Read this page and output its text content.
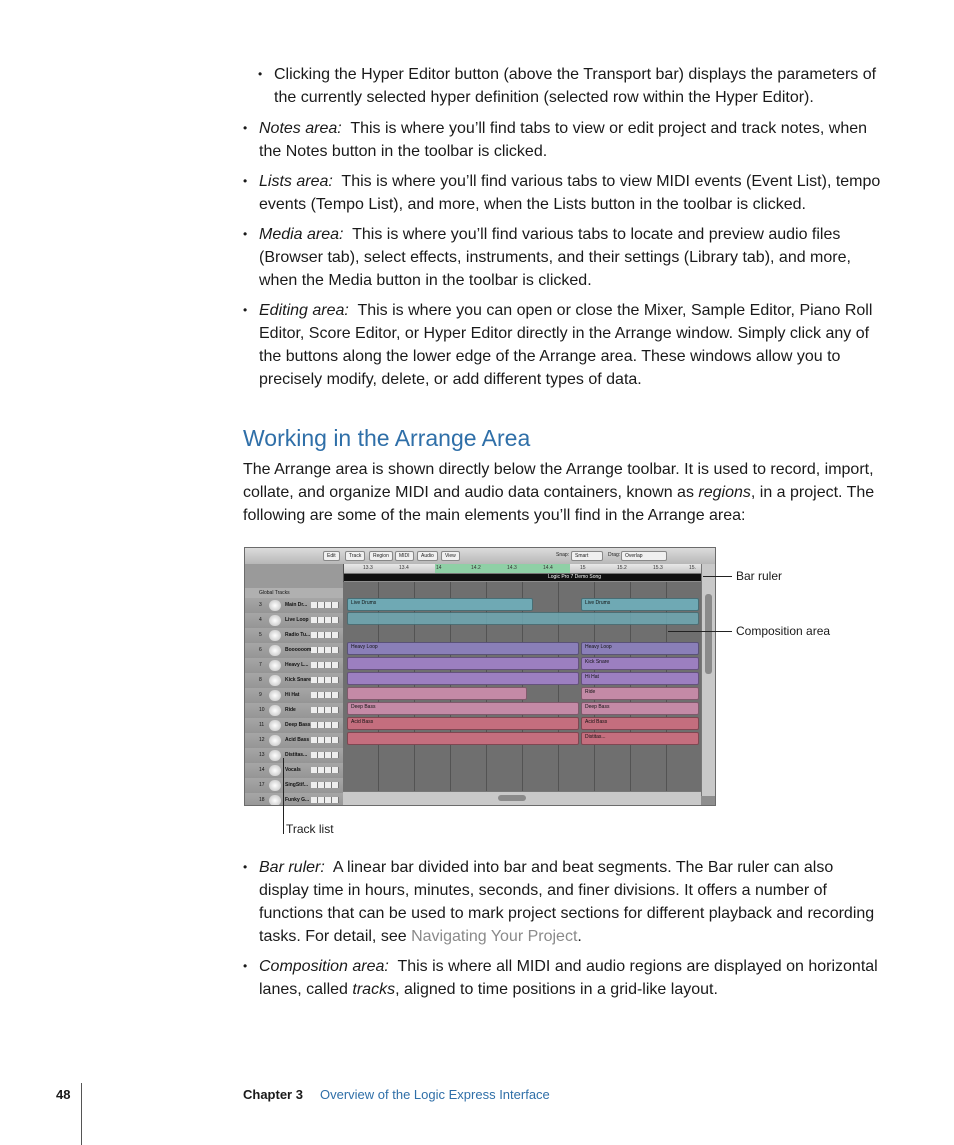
• Clicking the Hyper Editor button (above the Transport bar) displays the parameters of the currently selected hyper definition (selected row within the Hyper Editor).
• Notes area: This is where you’ll find tabs to view or edit project and track notes, when the Notes button in the toolbar is clicked.
• Lists area: This is where you’ll find various tabs to view MIDI events (Event List), tempo events (Tempo List), and more, when the Lists button in the toolbar is clicked.
• Media area: This is where you’ll find various tabs to locate and preview audio files (Browser tab), select effects, instruments, and their settings (Library tab), and more, when the Media button in the toolbar is clicked.
• Editing area: This is where you can open or close the Mixer, Sample Editor, Piano Roll Editor, Score Editor, or Hyper Editor directly in the Arrange window. Simply click any of the buttons along the lower edge of the Arrange area. These windows allow you to precisely modify, delete, or add different types of data.
Working in the Arrange Area
The Arrange area is shown directly below the Arrange toolbar. It is used to record, import, collate, and organize MIDI and audio data containers, known as regions, in a project. The following are some of the main elements you’ll find in the Arrange area:
Edit	Track	Region	MIDI	Audio	View	Snap:	Smart	Drag: Overlap
13.3	13.4	14	14.2	14.3	14.4	15	15.2	15.3	15.
Logic Pro 7 Demo Song
Global Tracks
3	Main Dr...
4	Live Loop
5	Radio Tu...
6	Boooooom
7	Heavy L...
8	Kick Snare
9	Hi Hat
10	Ride
11	Deep Bass
12	Acid Bass
13	Distitas...
14	Vocals
17	SingStif...
18	Funky G...
Live Drums	Live Drums
Heavy Loop	Heavy Loop
Kick Snare
Hi Hat
Ride
Deep Bass	Deep Bass
Acid Bass	Acid Bass
Distitas...
Bar ruler
Composition area
Track list
• Bar ruler: A linear bar divided into bar and beat segments. The Bar ruler can also display time in hours, minutes, seconds, and finer divisions. It offers a number of functions that can be used to mark project sections for different playback and recording tasks. For detail, see Navigating Your Project.
• Composition area: This is where all MIDI and audio regions are displayed on horizontal lanes, called tracks, aligned to time positions in a grid-like layout.
48	Chapter 3 Overview of the Logic Express Interface
